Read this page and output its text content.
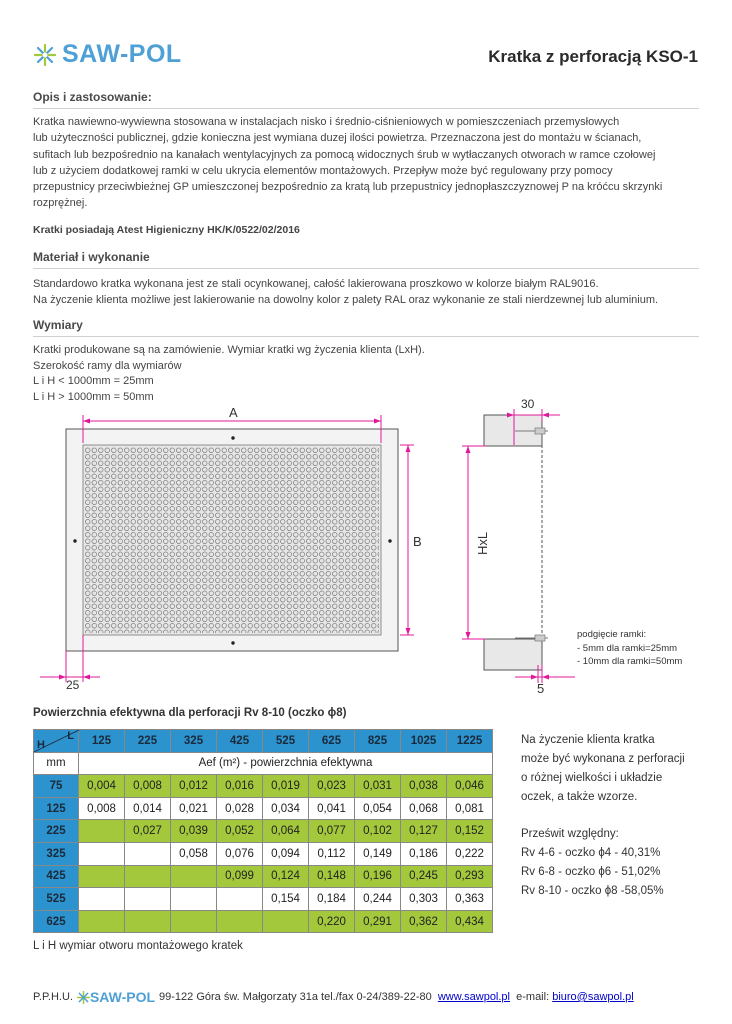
SAW-POL	Kratka z perforacją KSO-1
Opis i zastosowanie:
Kratka nawiewno-wywiewna stosowana w instalacjach nisko i średnio-ciśnieniowych w pomieszczeniach przemysłowych
lub użyteczności publicznej, gdzie konieczna jest wymiana duzej ilości powietrza. Przeznaczona jest do montażu w ścianach,
sufitach lub bezpośrednio na kanałach wentylacyjnych za pomocą widocznych śrub w wytłaczanych otworach w ramce czołowej
lub z użyciem dodatkowej ramki w celu ukrycia elementów montażowych. Przepływ może być regulowany przy pomocy
przepustnicy przeciwbieżnej GP umieszczonej bezpośrednio za kratą lub przepustnicy jednopłaszczyznowej P na króćcu skrzynki
rozprężnej.
Kratki posiadają Atest Higieniczny HK/K/0522/02/2016
Materiał i wykonanie
Standardowo kratka wykonana jest ze stali ocynkowanej, całość lakierowana proszkowo w kolorze białym RAL9016.
Na życzenie klienta możliwe jest lakierowanie na dowolny kolor z palety RAL oraz wykonanie ze stali nierdzewnej lub aluminium.
Wymiary
Kratki produkowane są na zamówienie. Wymiar kratki wg życzenia klienta (LxH).
Szerokość ramy dla wymiarów
L i H < 1000mm = 25mm
L i H > 1000mm = 50mm
A
B
25
30
HxL
5
podgięcie ramki:
- 5mm dla ramki=25mm
- 10mm dla ramki=50mm
Powierzchnia efektywna dla perforacji Rv 8-10 (oczko ϕ8)
H
L	125	225	325	425	525	625	825	1025	1225
mm	Aef (m²) - powierzchnia efektywna								
75	0,004	0,008	0,012	0,016	0,019	0,023	0,031	0,038	0,046
125	0,008	0,014	0,021	0,028	0,034	0,041	0,054	0,068	0,081
225		0,027	0,039	0,052	0,064	0,077	0,102	0,127	0,152
325			0,058	0,076	0,094	0,112	0,149	0,186	0,222
425				0,099	0,124	0,148	0,196	0,245	0,293
525					0,154	0,184	0,244	0,303	0,363
625						0,220	0,291	0,362	0,434
L i H wymiar otworu montażowego kratek
Na życzenie klienta kratka
może być wykonana z perforacji
o różnej wielkości i układzie
oczek, a także wzorze.
Prześwit względny:
Rv 4-6 - oczko ϕ4 - 40,31%
Rv 6-8 - oczko ϕ6 - 51,02%
Rv 8-10 - oczko ϕ8 -58,05%
P.P.H.U. SAW-POL 99-122 Góra św. Małgorzaty 31a tel./fax 0-24/389-22-80
www.sawpol.pl
e-mail:
biuro@sawpol.pl
